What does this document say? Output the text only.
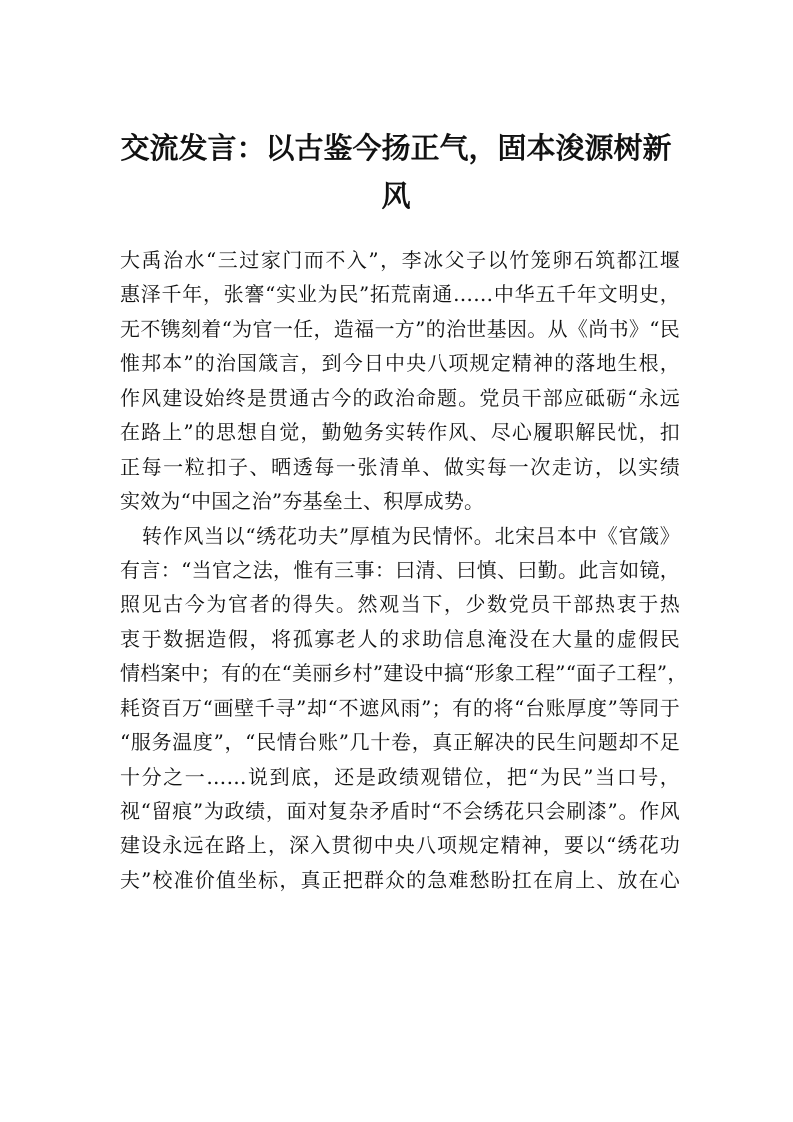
交流发言：以古鉴今扬正气，固本浚源树新
风
大禹治水“三过家门而不入”，李冰父子以竹笼卵石筑都江堰
惠泽千年，张謇“实业为民”拓荒南通……中华五千年文明史，
无不镌刻着“为官一任，造福一方”的治世基因。从《尚书》“民
惟邦本”的治国箴言，到今日中央八项规定精神的落地生根，
作风建设始终是贯通古今的政治命题。党员干部应砥砺“永远
在路上”的思想自觉，勤勉务实转作风、尽心履职解民忧，扣
正每一粒扣子、晒透每一张清单、做实每一次走访，以实绩
实效为“中国之治”夯基垒土、积厚成势。
转作风当以“绣花功夫”厚植为民情怀。北宋吕本中《官箴》
有言：“当官之法，惟有三事：曰清、曰慎、曰勤。此言如镜，
照见古今为官者的得失。然观当下，少数党员干部热衷于热
衷于数据造假，将孤寡老人的求助信息淹没在大量的虚假民
情档案中；有的在“美丽乡村”建设中搞“形象工程”“面子工程”，
耗资百万“画壁千寻”却“不遮风雨”；有的将“台账厚度”等同于
“服务温度”，“民情台账”几十卷，真正解决的民生问题却不足
十分之一……说到底，还是政绩观错位，把“为民”当口号，
视“留痕”为政绩，面对复杂矛盾时“不会绣花只会刷漆”。作风
建设永远在路上，深入贯彻中央八项规定精神，要以“绣花功
夫”校准价值坐标，真正把群众的急难愁盼扛在肩上、放在心
